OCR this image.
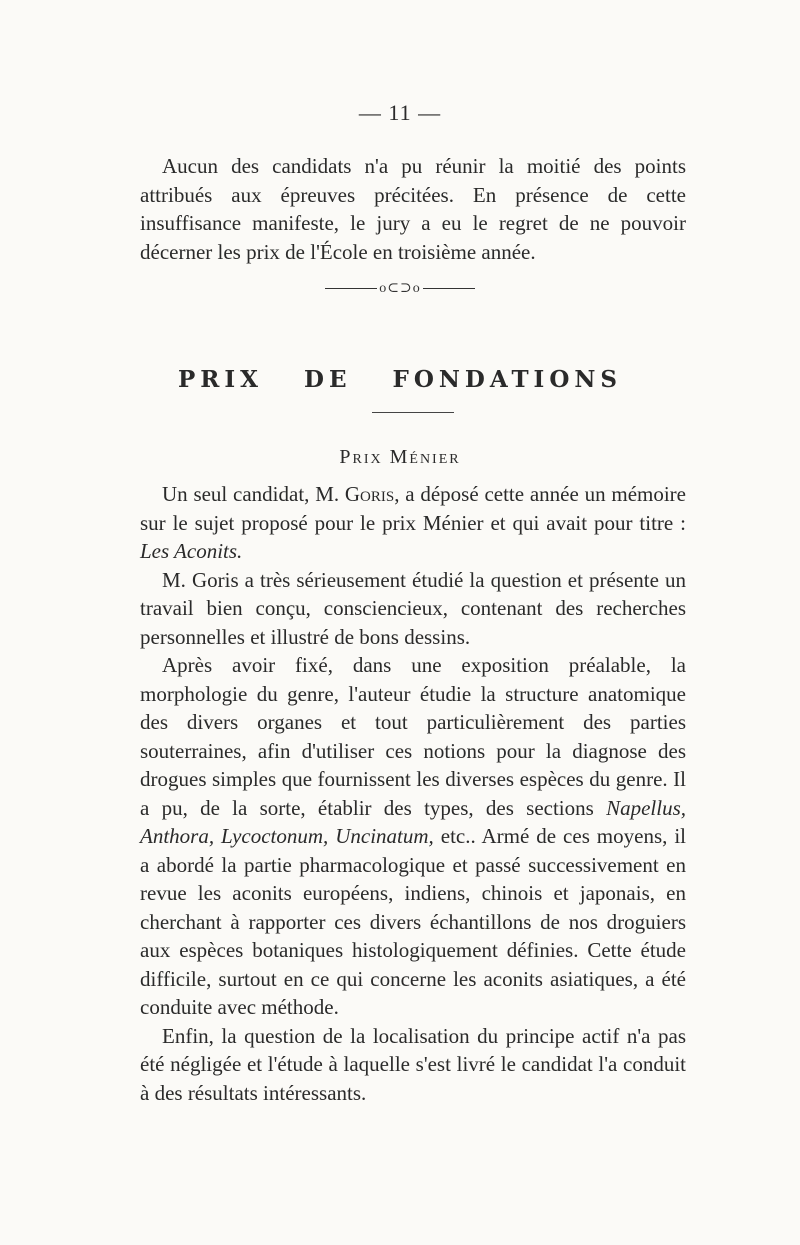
— 11 —

Aucun des candidats n'a pu réunir la moitié des points attribués aux épreuves précitées. En présence de cette insuffisance manifeste, le jury a eu le regret de ne pouvoir décerner les prix de l'École en troisième année.

o⊂⊃o
PRIX DE FONDATIONS
Prix Ménier

Un seul candidat, M. Goris, a déposé cette année un mémoire sur le sujet proposé pour le prix Ménier et qui avait pour titre : Les Aconits.

M. Goris a très sérieusement étudié la question et présente un travail bien conçu, consciencieux, contenant des recherches personnelles et illustré de bons dessins.

Après avoir fixé, dans une exposition préalable, la morphologie du genre, l'auteur étudie la structure anatomique des divers organes et tout particulièrement des parties souterraines, afin d'utiliser ces notions pour la diagnose des drogues simples que fournissent les diverses espèces du genre. Il a pu, de la sorte, établir des types, des sections Napellus, Anthora, Lycoctonum, Uncinatum, etc.. Armé de ces moyens, il a abordé la partie pharmacologique et passé successivement en revue les aconits européens, indiens, chinois et japonais, en cherchant à rapporter ces divers échantillons de nos droguiers aux espèces botaniques histologiquement définies. Cette étude difficile, surtout en ce qui concerne les aconits asiatiques, a été conduite avec méthode.

Enfin, la question de la localisation du principe actif n'a pas été négligée et l'étude à laquelle s'est livré le candidat l'a conduit à des résultats intéressants.
